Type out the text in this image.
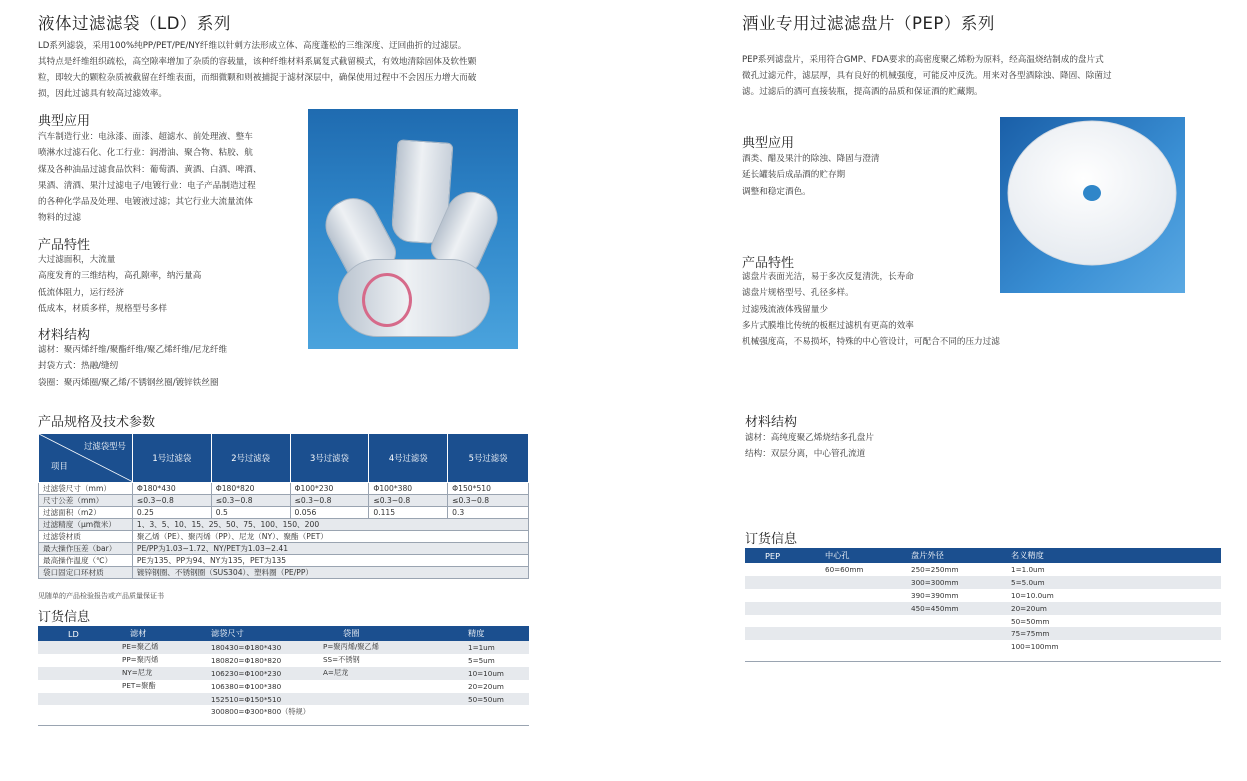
液体过滤滤袋（LD）系列
LD系列滤袋，采用100%纯PP/PET/PE/NY纤维以针刺方法形成立体、高度蓬松的三维深度、迂回曲折的过滤层。
其特点是纤维组织疏松，高空隙率增加了杂质的容载量，该种纤维材料系属复式截留模式，有效地清除固体及软性颗
粒，即较大的颗粒杂质被截留在纤维表面，而细微颗和则被捕捉于滤材深层中，确保使用过程中不会因压力增大而破
损，因此过滤具有较高过滤效率。
典型应用
汽车制造行业：电泳漆、面漆、超滤水、前处理液、整车
喷淋水过滤石化、化工行业：润滑油、聚合物、粘胶、航
煤及各种油品过滤食品饮料：葡萄酒、黄酒、白酒、啤酒、
果酒、清酒、果汁过滤电子/电镀行业：电子产品制造过程
的各种化学品及处理、电镀液过滤；其它行业大流量流体
物料的过滤
产品特性
大过滤面积，大流量
高度发育的三维结构，高孔隙率，纳污量高
低流体阻力，运行经济
低成本，材质多样，规格型号多样
材料结构
滤材：聚丙烯纤维/聚酯纤维/聚乙烯纤维/尼龙纤维
封袋方式：热融/缝纫
袋圈：聚丙烯圈/聚乙烯/不锈钢丝圈/镀锌铁丝圈
产品规格及技术参数
过滤袋型号
项目	1号过滤袋	2号过滤袋	3号过滤袋	4号过滤袋	5号过滤袋
过滤袋尺寸（mm）	Φ180*430	Φ180*820	Φ100*230	Φ100*380	Φ150*510
尺寸公差（mm）	≤0.3~0.8	≤0.3~0.8	≤0.3~0.8	≤0.3~0.8	≤0.3~0.8
过滤面积（m2）	0.25	0.5	0.056	0.115	0.3
过滤精度（μm微米）	1、3、5、10、15、25、50、75、100、150、200				
过滤袋材质	聚乙烯（PE）、聚丙烯（PP）、尼龙（NY）、聚酯（PET）				
最大操作压差（bar）	PE/PP为1.03~1.72、NY/PET为1.03~2.41				
最高操作温度（℃）	PE为135、PP为94、NY为135，PET为135				
袋口固定口环材质	镀锌钢圈、不锈钢圈（SUS304）、塑料圈（PE/PP）				
见随单的产品检验报告或产品质量保证书
订货信息
LD	滤材	滤袋尺寸	袋圈	精度
	PE=聚乙烯	180430=Φ180*430	P=聚丙烯/聚乙烯	1=1um
	PP=聚丙烯	180820=Φ180*820	SS=不锈钢	5=5um
	NY=尼龙	106230=Φ100*230	A=尼龙	10=10um
	PET=聚酯	106380=Φ100*380		20=20um
		152510=Φ150*510		50=50um
		300800=Φ300*800（特规）		
酒业专用过滤滤盘片（PEP）系列
PEP系列滤盘片，采用符合GMP、FDA要求的高密度聚乙烯粉为原料，经高温烧结制成的盘片式
微孔过滤元件，滤层厚，具有良好的机械强度，可能反冲反洗。用来对各型酒除浊、降固、除菌过
滤。过滤后的酒可直接装瓶，提高酒的品质和保证酒的贮藏期。
典型应用
酒类、醋及果汁的除浊、降固与澄清
延长罐装后成品酒的贮存期
调整和稳定酒色。
产品特性
滤盘片表面光洁，易于多次反复清洗，长寿命
滤盘片规格型号、孔径多样。
过滤残流液体残留量少
多片式膜堆比传统的板框过滤机有更高的效率
机械强度高，不易损坏，特殊的中心管设计，可配合不同的压力过滤
材料结构
滤材：高纯度聚乙烯烧结多孔盘片
结构：双层分离，中心管孔流道
订货信息
PEP	中心孔	盘片外径	名义精度
	60=60mm	250=250mm	1=1.0um
		300=300mm	5=5.0um
		390=390mm	10=10.0um
		450=450mm	20=20um
			50=50mm
			75=75mm
			100=100mm
